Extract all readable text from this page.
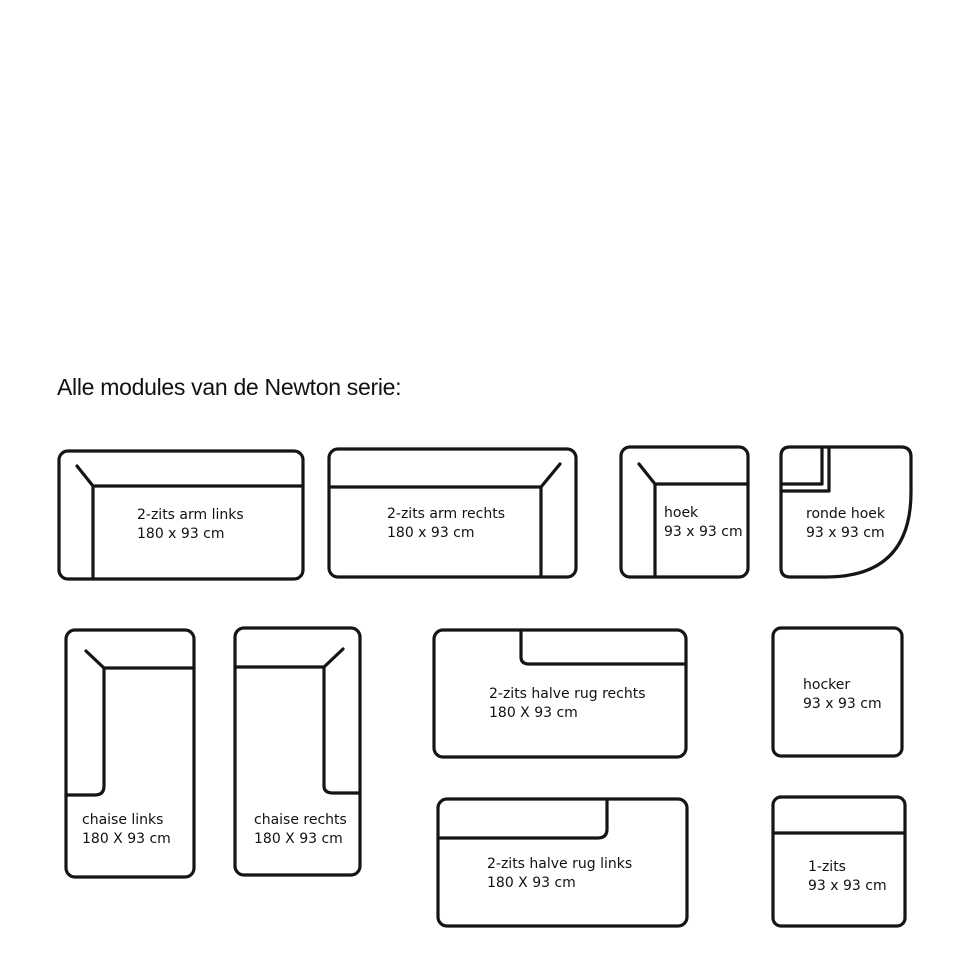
Alle modules van de Newton serie:
2-zits arm links
180 x 93 cm
2-zits arm rechts
180 x 93 cm
hoek
93 x 93 cm
ronde hoek
93 x 93 cm
chaise links
180 X 93 cm
chaise rechts
180 X 93 cm
2-zits halve rug rechts
180 X 93 cm
hocker
93 x 93 cm
2-zits halve rug links
180 X 93 cm
1-zits
93 x 93 cm
